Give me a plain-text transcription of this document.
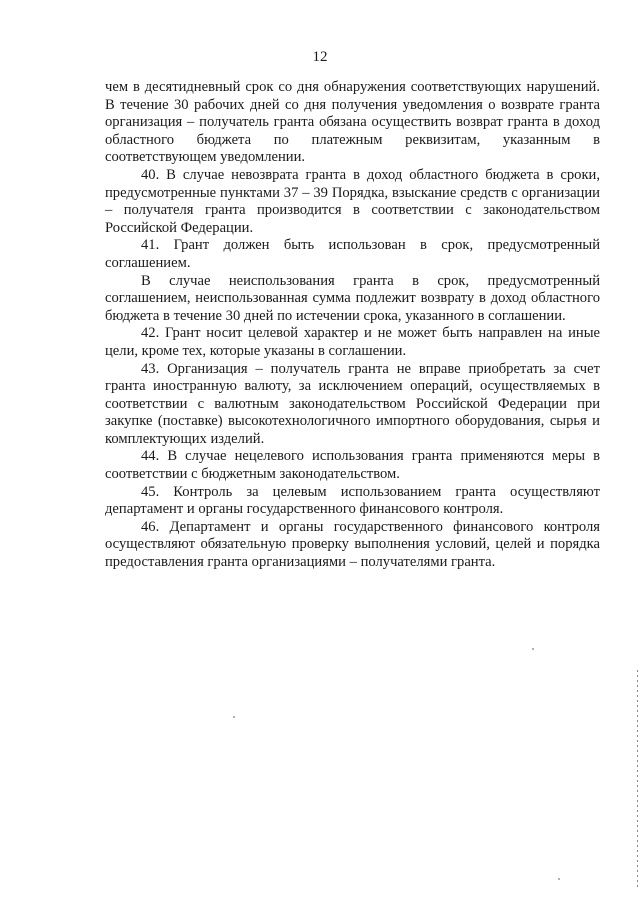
12

чем в десятидневный срок со дня обнаружения соответствующих нарушений. В течение 30 рабочих дней со дня получения уведомления о возврате гранта организация – получатель гранта обязана осуществить возврат гранта в доход областного бюджета по платежным реквизитам, указанным в соответствующем уведомлении.

40. В случае невозврата гранта в доход областного бюджета в сроки, предусмотренные пунктами 37 – 39 Порядка, взыскание средств с организации – получателя гранта производится в соответствии с законодательством Российской Федерации.

41. Грант должен быть использован в срок, предусмотренный соглашением.

В случае неиспользования гранта в срок, предусмотренный соглашением, неиспользованная сумма подлежит возврату в доход областного бюджета в течение 30 дней по истечении срока, указанного в соглашении.

42. Грант носит целевой характер и не может быть направлен на иные цели, кроме тех, которые указаны в соглашении.

43. Организация – получатель гранта не вправе приобретать за счет гранта иностранную валюту, за исключением операций, осуществляемых в соответствии с валютным законодательством Российской Федерации при закупке (поставке) высокотехнологичного импортного оборудования, сырья и комплектующих изделий.

44. В случае нецелевого использования гранта применяются меры в соответствии с бюджетным законодательством.

45. Контроль за целевым использованием гранта осуществляют департамент и органы государственного финансового контроля.

46. Департамент и органы государственного финансового контроля осуществляют обязательную проверку выполнения условий, целей и порядка предоставления гранта организациями – получателями гранта.
